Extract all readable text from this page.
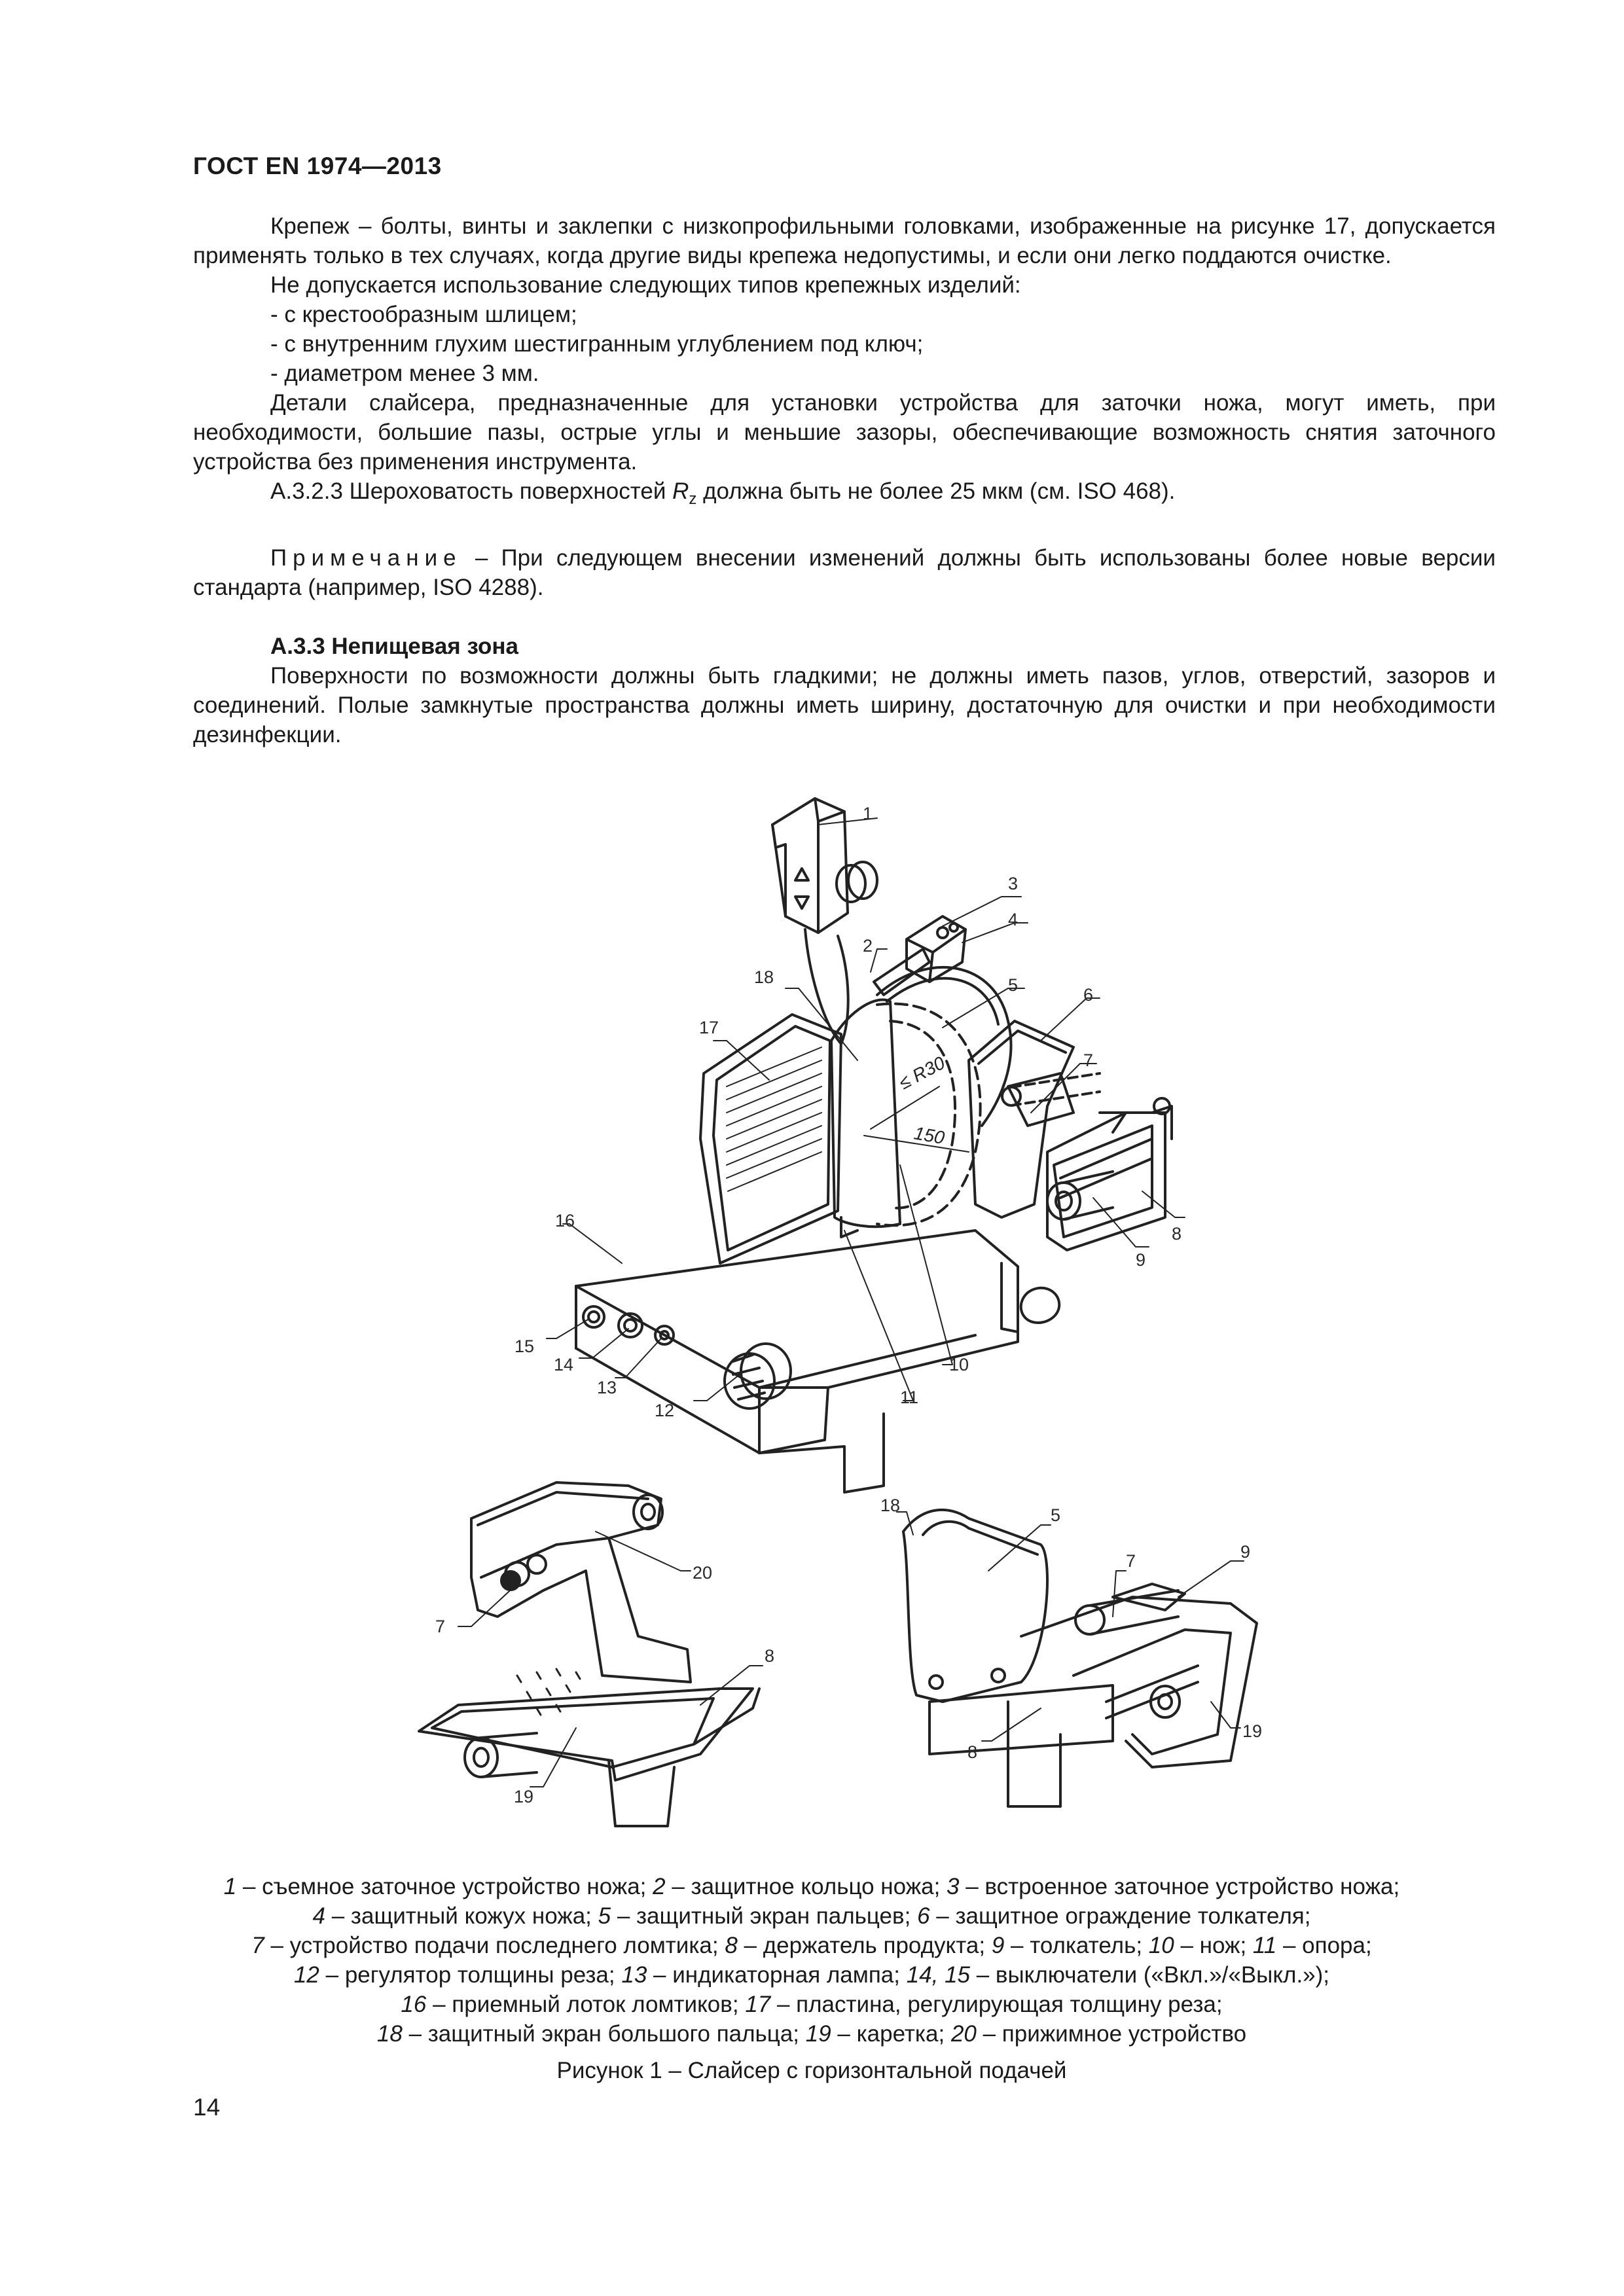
ГОСТ EN 1974—2013

Крепеж – болты, винты и заклепки с низкопрофильными головками, изображенные на рисунке 17, допускается применять только в тех случаях, когда другие виды крепежа недопустимы, и если они легко поддаются очистке.

Не допускается использование следующих типов крепежных изделий:

- с крестообразным шлицем;

- с внутренним глухим шестигранным углублением под ключ;

- диаметром менее 3 мм.

Детали слайсера, предназначенные для установки устройства для заточки ножа, могут иметь, при необходимости, большие пазы, острые углы и меньшие зазоры, обеспечивающие возможность снятия заточного устройства без применения инструмента.

А.3.2.3 Шероховатость поверхностей $R_z$ должна быть не более 25 мкм (см. ISO 468).

Примечание – При следующем внесении изменений должны быть использованы более новые версии стандарта (например, ISO 4288).

А.3.3 Непищевая зона

Поверхности по возможности должны быть гладкими; не должны иметь пазов, углов, отверстий, зазоров и соединений. Полые замкнутые пространства должны иметь ширину, достаточную для очистки и при необходимости дезинфекции.

≤ R30
150
1
2
3
4
5	6
7
8
9
10
11
12
13
14
15
16
17
18
7
20
8
19
18	5
7	9
8
19

1 – съемное заточное устройство ножа; 2 – защитное кольцо ножа; 3 – встроенное заточное устройство ножа;

4 – защитный кожух ножа; 5 – защитный экран пальцев; 6 – защитное ограждение толкателя;

7 – устройство подачи последнего ломтика; 8 – держатель продукта; 9 – толкатель; 10 – нож; 11 – опора;

12 – регулятор толщины реза; 13 – индикаторная лампа; 14, 15 – выключатели («Вкл.»/«Выкл.»);

16 – приемный лоток ломтиков; 17 – пластина, регулирующая толщину реза;

18 – защитный экран большого пальца; 19 – каретка; 20 – прижимное устройство

Рисунок 1 – Слайсер с горизонтальной подачей
14
